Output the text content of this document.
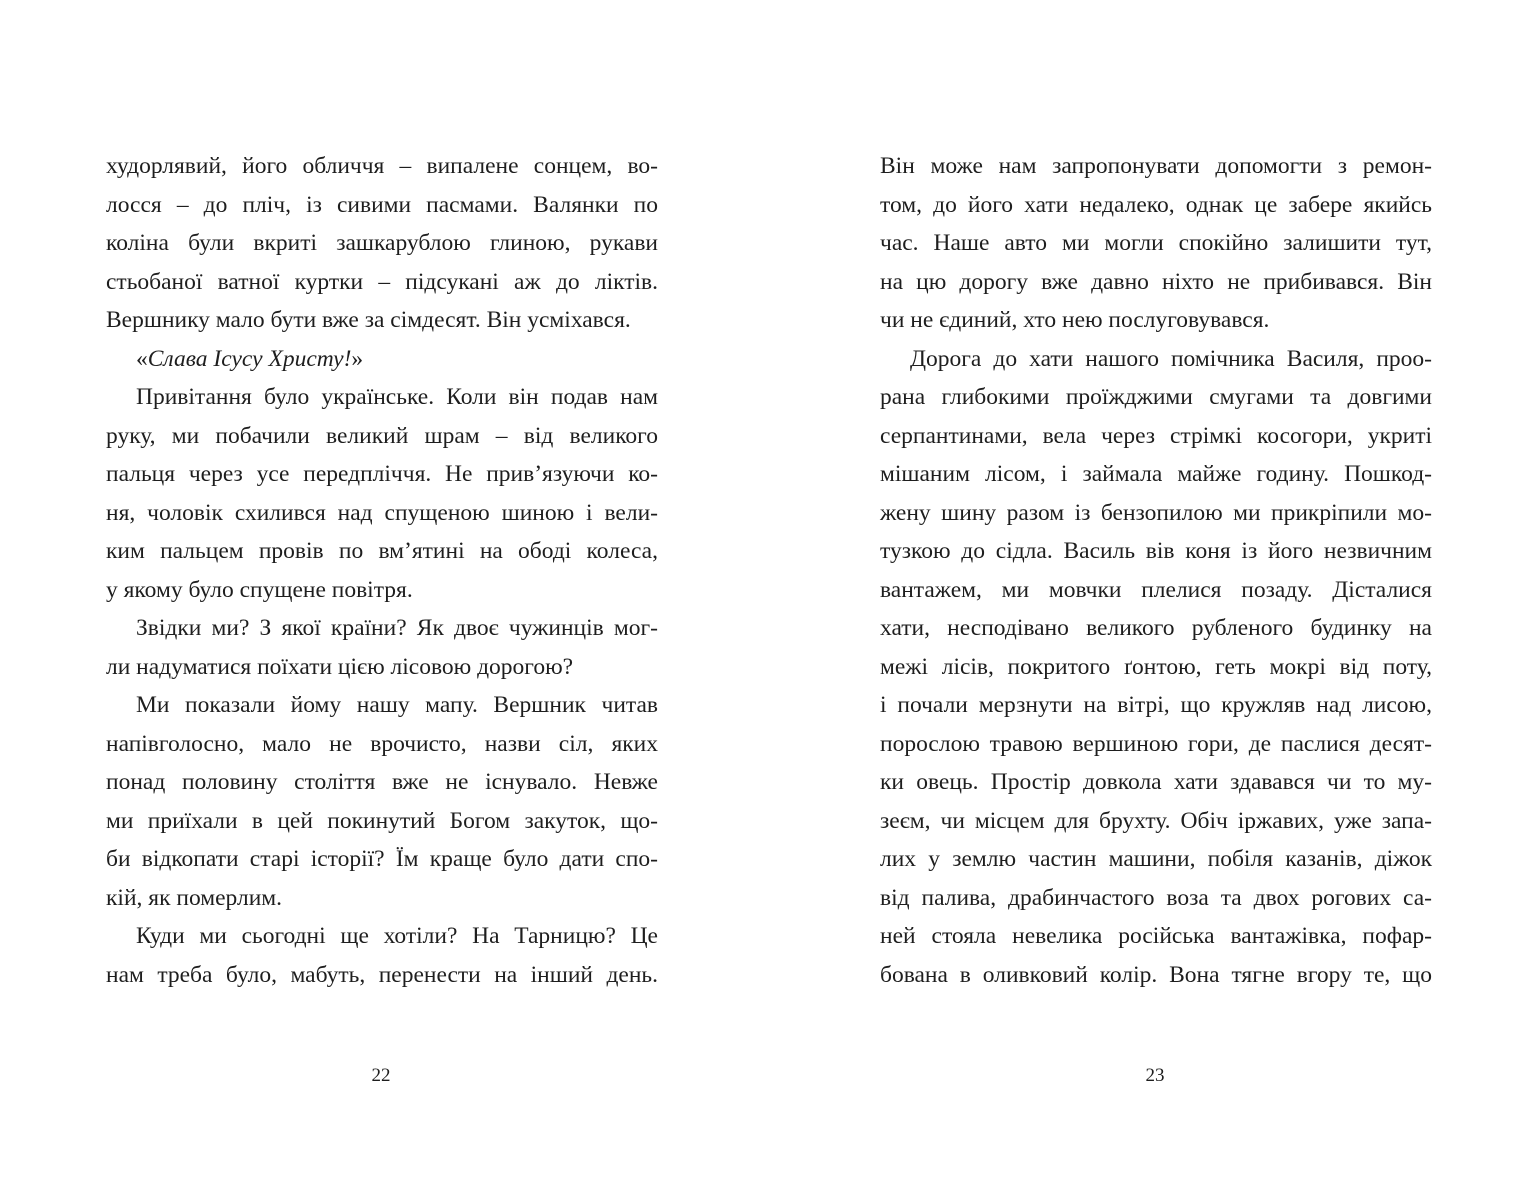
худорлявий, його обличчя – випалене сонцем, во-
лосся – до пліч, із сивими пасмами. Валянки по
коліна були вкриті зашкарублою глиною, рукави
стьобаної ватної куртки – підсукані аж до ліктів.
Вершнику мало бути вже за сімдесят. Він усміхався.
«Слава Ісусу Христу!»
Привітання було українське. Коли він подав нам
руку, ми побачили великий шрам – від великого
пальця через усе передпліччя. Не прив’язуючи ко-
ня, чоловік схилився над спущеною шиною і вели-
ким пальцем провів по вм’ятині на ободі колеса,
у якому було спущене повітря.
Звідки ми? З якої країни? Як двоє чужинців мог-
ли надуматися поїхати цією лісовою дорогою?
Ми показали йому нашу мапу. Вершник читав
напівголосно, мало не врочисто, назви сіл, яких
понад половину століття вже не існувало. Невже
ми приїхали в цей покинутий Богом закуток, що-
би відкопати старі історії? Їм краще було дати спо-
кій, як померлим.
Куди ми сьогодні ще хотіли? На Тарницю? Це
нам треба було, мабуть, перенести на інший день.
22
Він може нам запропонувати допомогти з ремон-
том, до його хати недалеко, однак це забере якийсь
час. Наше авто ми могли спокійно залишити тут,
на цю дорогу вже давно ніхто не прибивався. Він
чи не єдиний, хто нею послуговувався.
Дорога до хати нашого помічника Василя, проо-
рана глибокими проїжджими смугами та довгими
серпантинами, вела через стрімкі косогори, укриті
мішаним лісом, і займала майже годину. Пошкод-
жену шину разом із бензопилою ми прикріпили мо-
тузкою до сідла. Василь вів коня із його незвичним
вантажем, ми мовчки плелися позаду. Дісталися
хати, несподівано великого рубленого будинку на
межі лісів, покритого ґонтою, геть мокрі від поту,
і почали мерзнути на вітрі, що кружляв над лисою,
порослою травою вершиною гори, де паслися десят-
ки овець. Простір довкола хати здавався чи то му-
зеєм, чи місцем для брухту. Обіч іржавих, уже запа-
лих у землю частин машини, побіля казанів, діжок
від палива, драбинчастого воза та двох рогових са-
ней стояла невелика російська вантажівка, пофар-
бована в оливковий колір. Вона тягне вгору те, що
23
